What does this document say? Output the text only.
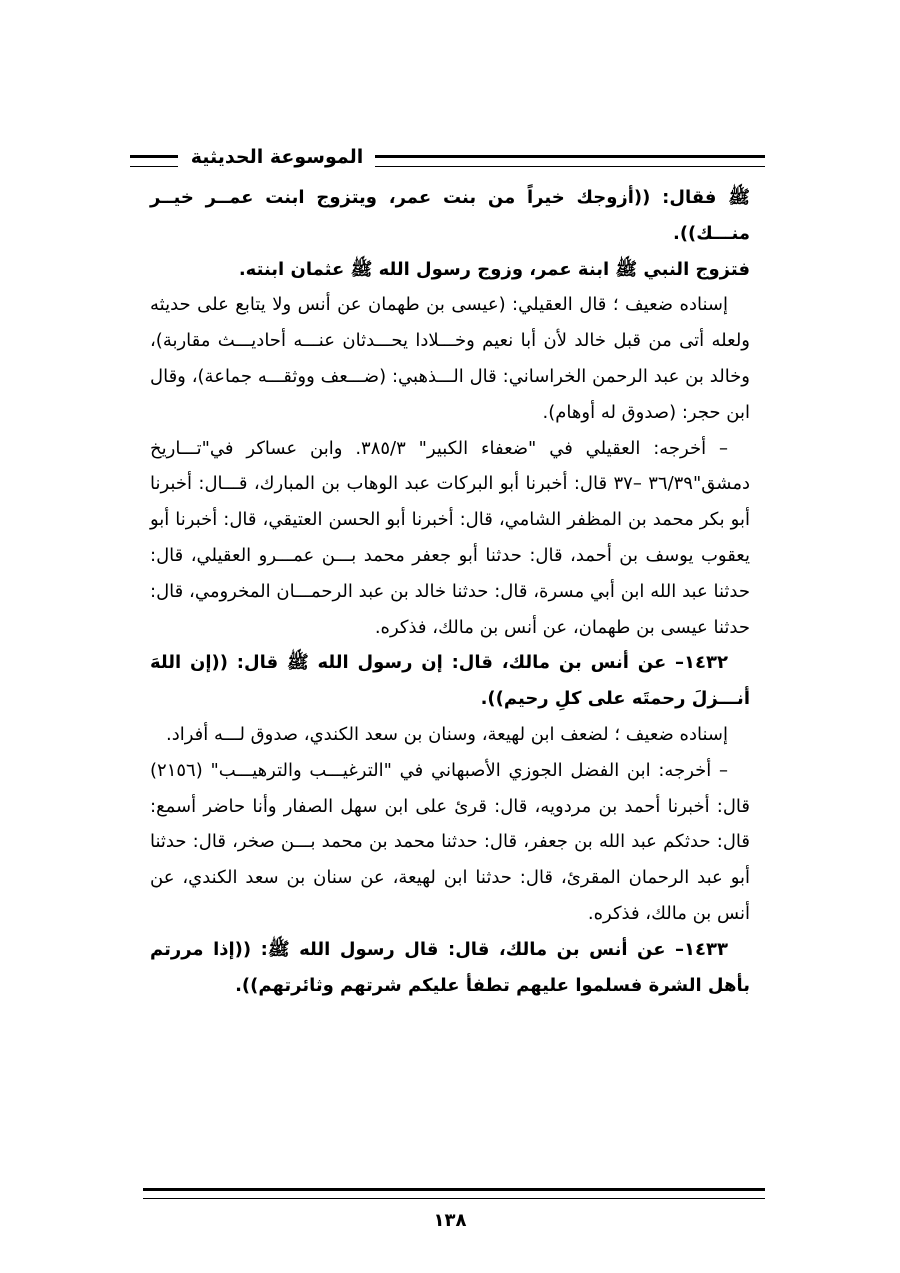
الموسوعة الحديثية

ﷺ فقال: ((أزوجك خيراً من بنت عمر، ويتزوج ابنت عمــر خيــر منـــك)).

فتزوج النبي ﷺ ابنة عمر، وزوج رسول الله ﷺ عثمان ابنته.

إسناده ضعيف ؛ قال العقيلي: (عيسى بن طهمان عن أنس ولا يتابع على حديثه ولعله أتى من قبل خالد لأن أبا نعيم وخـــلادا يحـــدثان عنـــه أحاديـــث مقاربة)، وخالد بن عبد الرحمن الخراساني: قال الـــذهبي: (ضـــعف ووثقـــه جماعة)، وقال ابن حجر: (صدوق له أوهام).

– أخرجه: العقيلي في "ضعفاء الكبير" ٣٨٥/٣. وابن عساكر في"تـــاريخ دمشق"٣٦/٣٩ –٣٧ قال: أخبرنا أبو البركات عبد الوهاب بن المبارك، قـــال: أخبرنا أبو بكر محمد بن المظفر الشامي، قال: أخبرنا أبو الحسن العتيقي، قال: أخبرنا أبو يعقوب يوسف بن أحمد، قال: حدثنا أبو جعفر محمد بـــن عمـــرو العقيلي، قال: حدثنا عبد الله ابن أبي مسرة، قال: حدثنا خالد بن عبد الرحمـــان المخرومي، قال: حدثنا عيسى بن طهمان، عن أنس بن مالك، فذكره.

١٤٣٢– عن أنس بن مالك، قال: إن رسول الله ﷺ قال: ((إن اللهَ أنـــزلَ رحمتَه على كلِ رحيم)).

إسناده ضعيف ؛ لضعف ابن لهيعة، وسنان بن سعد الكندي، صدوق لـــه أفراد.

– أخرجه: ابن الفضل الجوزي الأصبهاني في "الترغيـــب والترهيـــب" (٢١٥٦) قال: أخبرنا أحمد بن مردويه، قال: قرئ على ابن سهل الصفار وأنا حاضر أسمع: قال: حدثكم عبد الله بن جعفر، قال: حدثنا محمد بن محمد بـــن صخر، قال: حدثنا أبو عبد الرحمان المقرئ، قال: حدثنا ابن لهيعة، عن سنان بن سعد الكندي، عن أنس بن مالك، فذكره.

١٤٣٣– عن أنس بن مالك، قال: قال رسول الله ﷺ: ((إذا مررتم بأهل الشرة فسلموا عليهم تطفأ عليكم شرتهم وثائرتهم)).

١٣٨
